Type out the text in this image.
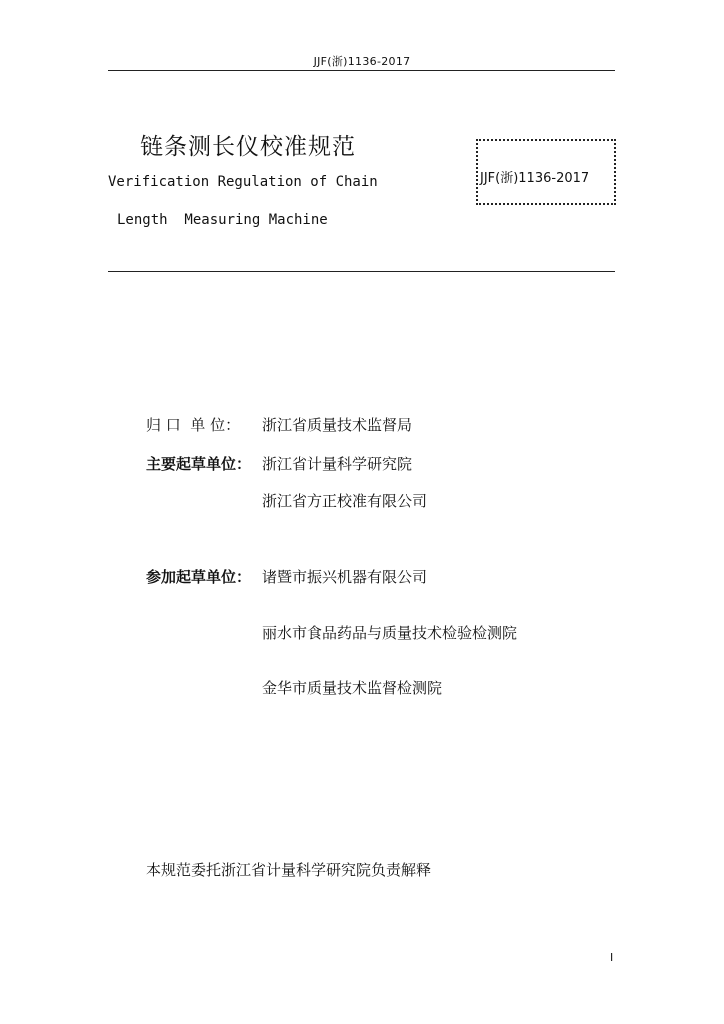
JJF(浙)1136-2017
链条测长仪校准规范
Verification Regulation of Chain
Length  Measuring Machine
JJF(浙)1136-2017
归 口  单 位： 浙江省质量技术监督局
主要起草单位： 浙江省计量科学研究院
浙江省方正校准有限公司
参加起草单位： 诸暨市振兴机器有限公司
丽水市食品药品与质量技术检验检测院
金华市质量技术监督检测院
本规范委托浙江省计量科学研究院负责解释
I
